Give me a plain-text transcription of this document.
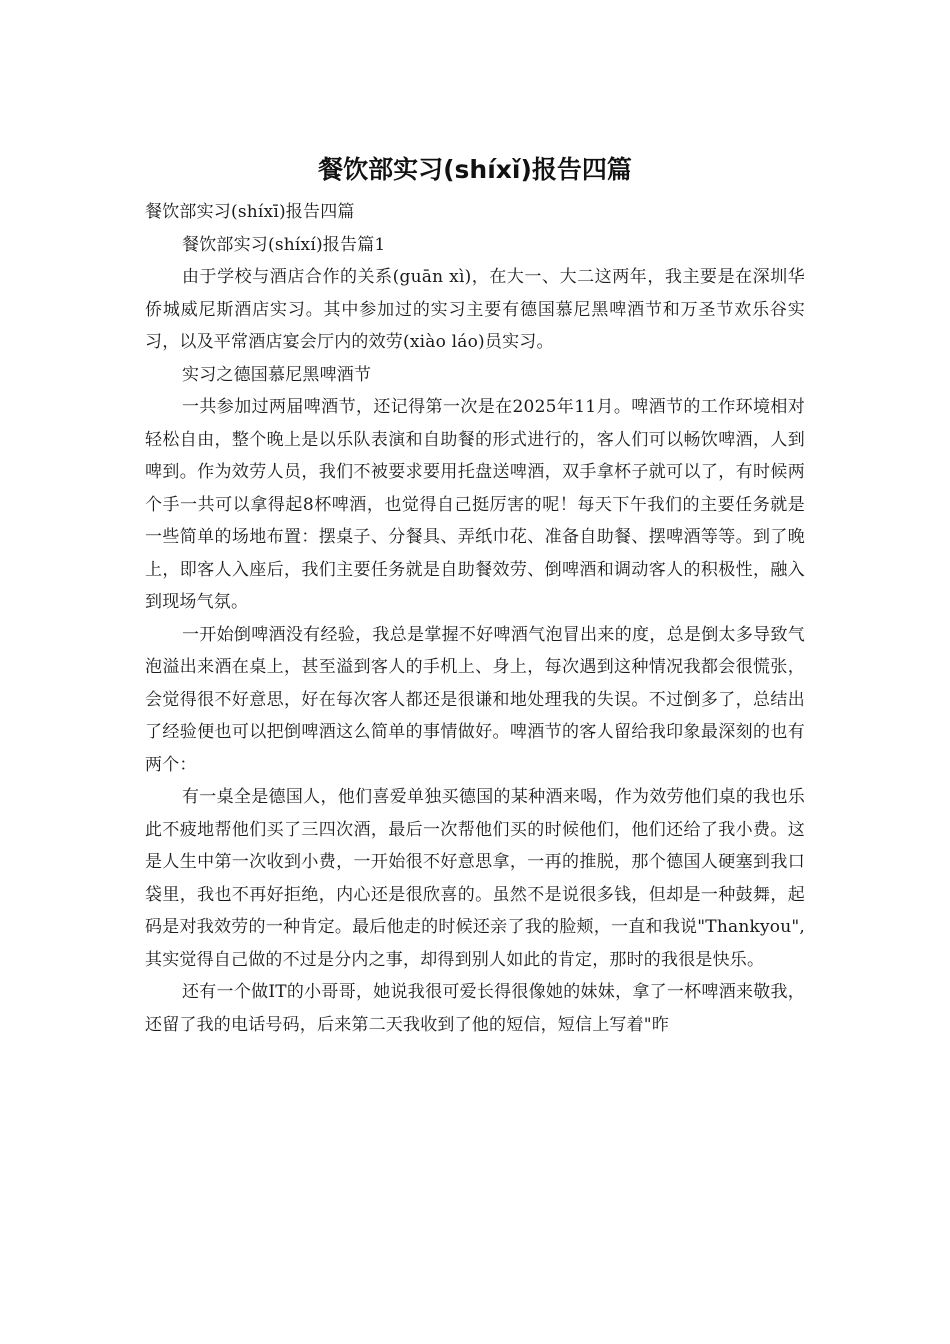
餐饮部实习(shíxǐ)报告四篇

餐饮部实习(shíxī)报告四篇

餐饮部实习(shíxí)报告篇1

由于学校与酒店合作的关系(guān xì)，在大一、大二这两年，我主要是在深圳华侨城威尼斯酒店实习。其中参加过的实习主要有德国慕尼黑啤酒节和万圣节欢乐谷实习，以及平常酒店宴会厅内的效劳(xiào láo)员实习。

实习之德国慕尼黑啤酒节

一共参加过两届啤酒节，还记得第一次是在2025年11月。啤酒节的工作环境相对轻松自由，整个晚上是以乐队表演和自助餐的形式进行的，客人们可以畅饮啤酒，人到啤到。作为效劳人员，我们不被要求要用托盘送啤酒，双手拿杯子就可以了，有时候两个手一共可以拿得起8杯啤酒，也觉得自己挺厉害的呢！每天下午我们的主要任务就是一些简单的场地布置：摆桌子、分餐具、弄纸巾花、准备自助餐、摆啤酒等等。到了晚上，即客人入座后，我们主要任务就是自助餐效劳、倒啤酒和调动客人的积极性，融入到现场气氛。

一开始倒啤酒没有经验，我总是掌握不好啤酒气泡冒出来的度，总是倒太多导致气泡溢出来酒在桌上，甚至溢到客人的手机上、身上，每次遇到这种情况我都会很慌张，会觉得很不好意思，好在每次客人都还是很谦和地处理我的失误。不过倒多了，总结出了经验便也可以把倒啤酒这么简单的事情做好。啤酒节的客人留给我印象最深刻的也有两个：

有一桌全是德国人，他们喜爱单独买德国的某种酒来喝，作为效劳他们桌的我也乐此不疲地帮他们买了三四次酒，最后一次帮他们买的时候他们，他们还给了我小费。这是人生中第一次收到小费，一开始很不好意思拿，一再的推脱，那个德国人硬塞到我口袋里，我也不再好拒绝，内心还是很欣喜的。虽然不是说很多钱，但却是一种鼓舞，起码是对我效劳的一种肯定。最后他走的时候还亲了我的脸颊，一直和我说"Thankyou",其实觉得自己做的不过是分内之事，却得到别人如此的肯定，那时的我很是快乐。

还有一个做IT的小哥哥，她说我很可爱长得很像她的妹妹，拿了一杯啤酒来敬我，还留了我的电话号码，后来第二天我收到了他的短信，短信上写着"昨
